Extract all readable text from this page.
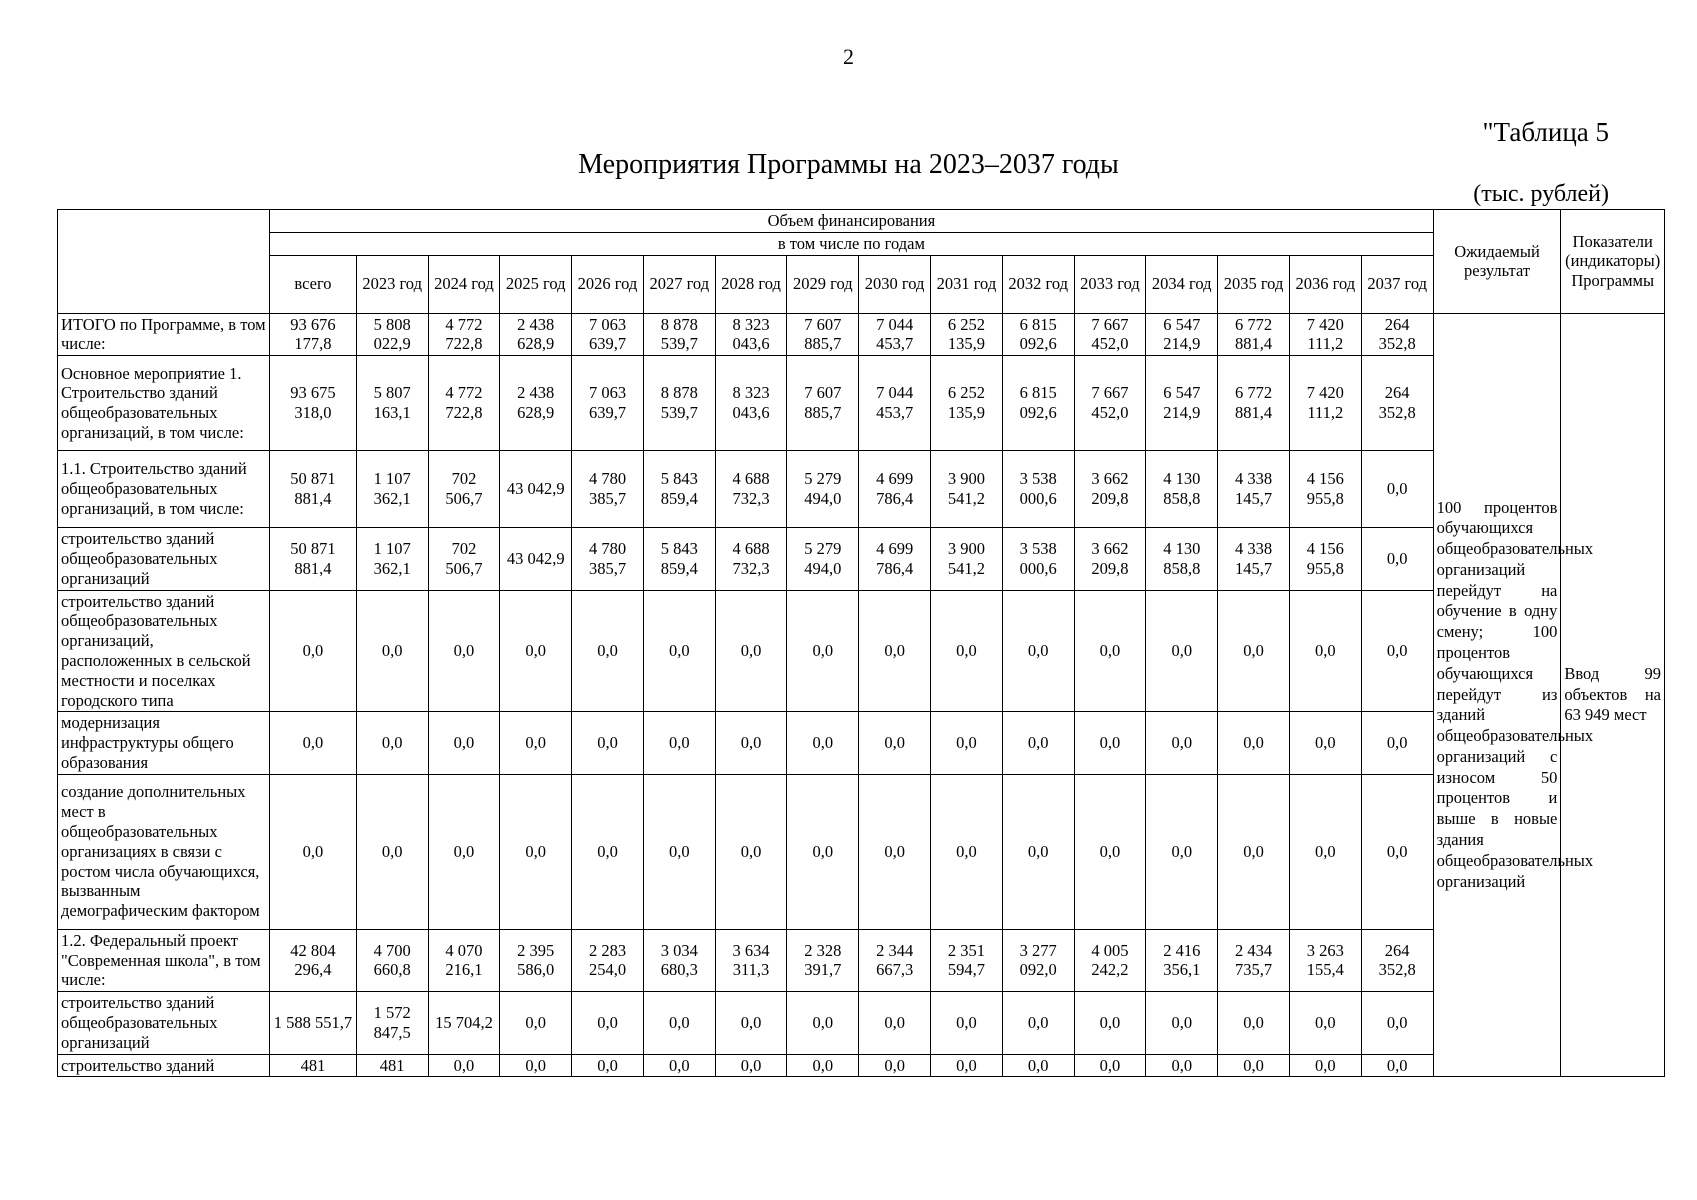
2
"Таблица 5
Мероприятия Программы на 2023–2037 годы
(тыс. рублей)
	Объем финансирования																Ожидаемый результат	Показатели (индикаторы) Программы
	в том числе по годам																	
	всего	2023 год	2024 год	2025 год	2026 год	2027 год	2028 год	2029 год	2030 год	2031 год	2032 год	2033 год	2034 год	2035 год	2036 год	2037 год		
ИТОГО по Программе, в том числе:	93 676 177,8	5 808 022,9	4 772 722,8	2 438 628,9	7 063 639,7	8 878 539,7	8 323 043,6	7 607 885,7	7 044 453,7	6 252 135,9	6 815 092,6	7 667 452,0	6 547 214,9	6 772 881,4	7 420 111,2	264 352,8	100 процентов обучающихся общеобразовательных организаций перейдут на обучение в одну смену; 100 процентов обучающихся перейдут из зданий общеобразовательных организаций с износом 50 процентов и выше в новые здания общеобразовательных организаций	Ввод 99 объектов на 63 949 мест
Основное мероприятие 1. Строительство зданий общеобразовательных организаций, в том числе:	93 675 318,0	5 807 163,1	4 772 722,8	2 438 628,9	7 063 639,7	8 878 539,7	8 323 043,6	7 607 885,7	7 044 453,7	6 252 135,9	6 815 092,6	7 667 452,0	6 547 214,9	6 772 881,4	7 420 111,2	264 352,8		
1.1. Строительство зданий общеобразовательных организаций, в том числе:	50 871 881,4	1 107 362,1	702 506,7	43 042,9	4 780 385,7	5 843 859,4	4 688 732,3	5 279 494,0	4 699 786,4	3 900 541,2	3 538 000,6	3 662 209,8	4 130 858,8	4 338 145,7	4 156 955,8	0,0		
строительство зданий общеобразовательных организаций	50 871 881,4	1 107 362,1	702 506,7	43 042,9	4 780 385,7	5 843 859,4	4 688 732,3	5 279 494,0	4 699 786,4	3 900 541,2	3 538 000,6	3 662 209,8	4 130 858,8	4 338 145,7	4 156 955,8	0,0		
строительство зданий общеобразовательных организаций, расположенных в сельской местности и поселках городского типа	0,0	0,0	0,0	0,0	0,0	0,0	0,0	0,0	0,0	0,0	0,0	0,0	0,0	0,0	0,0	0,0		
модернизация инфраструктуры общего образования	0,0	0,0	0,0	0,0	0,0	0,0	0,0	0,0	0,0	0,0	0,0	0,0	0,0	0,0	0,0	0,0		
создание дополнительных мест в общеобразовательных организациях в связи с ростом числа обучающихся, вызванным демографическим фактором	0,0	0,0	0,0	0,0	0,0	0,0	0,0	0,0	0,0	0,0	0,0	0,0	0,0	0,0	0,0	0,0		
1.2. Федеральный проект "Современная школа", в том числе:	42 804 296,4	4 700 660,8	4 070 216,1	2 395 586,0	2 283 254,0	3 034 680,3	3 634 311,3	2 328 391,7	2 344 667,3	2 351 594,7	3 277 092,0	4 005 242,2	2 416 356,1	2 434 735,7	3 263 155,4	264 352,8		
строительство зданий общеобразовательных организаций	1 588 551,7	1 572 847,5	15 704,2	0,0	0,0	0,0	0,0	0,0	0,0	0,0	0,0	0,0	0,0	0,0	0,0	0,0		
строительство зданий	481	481	0,0	0,0	0,0	0,0	0,0	0,0	0,0	0,0	0,0	0,0	0,0	0,0	0,0	0,0		
